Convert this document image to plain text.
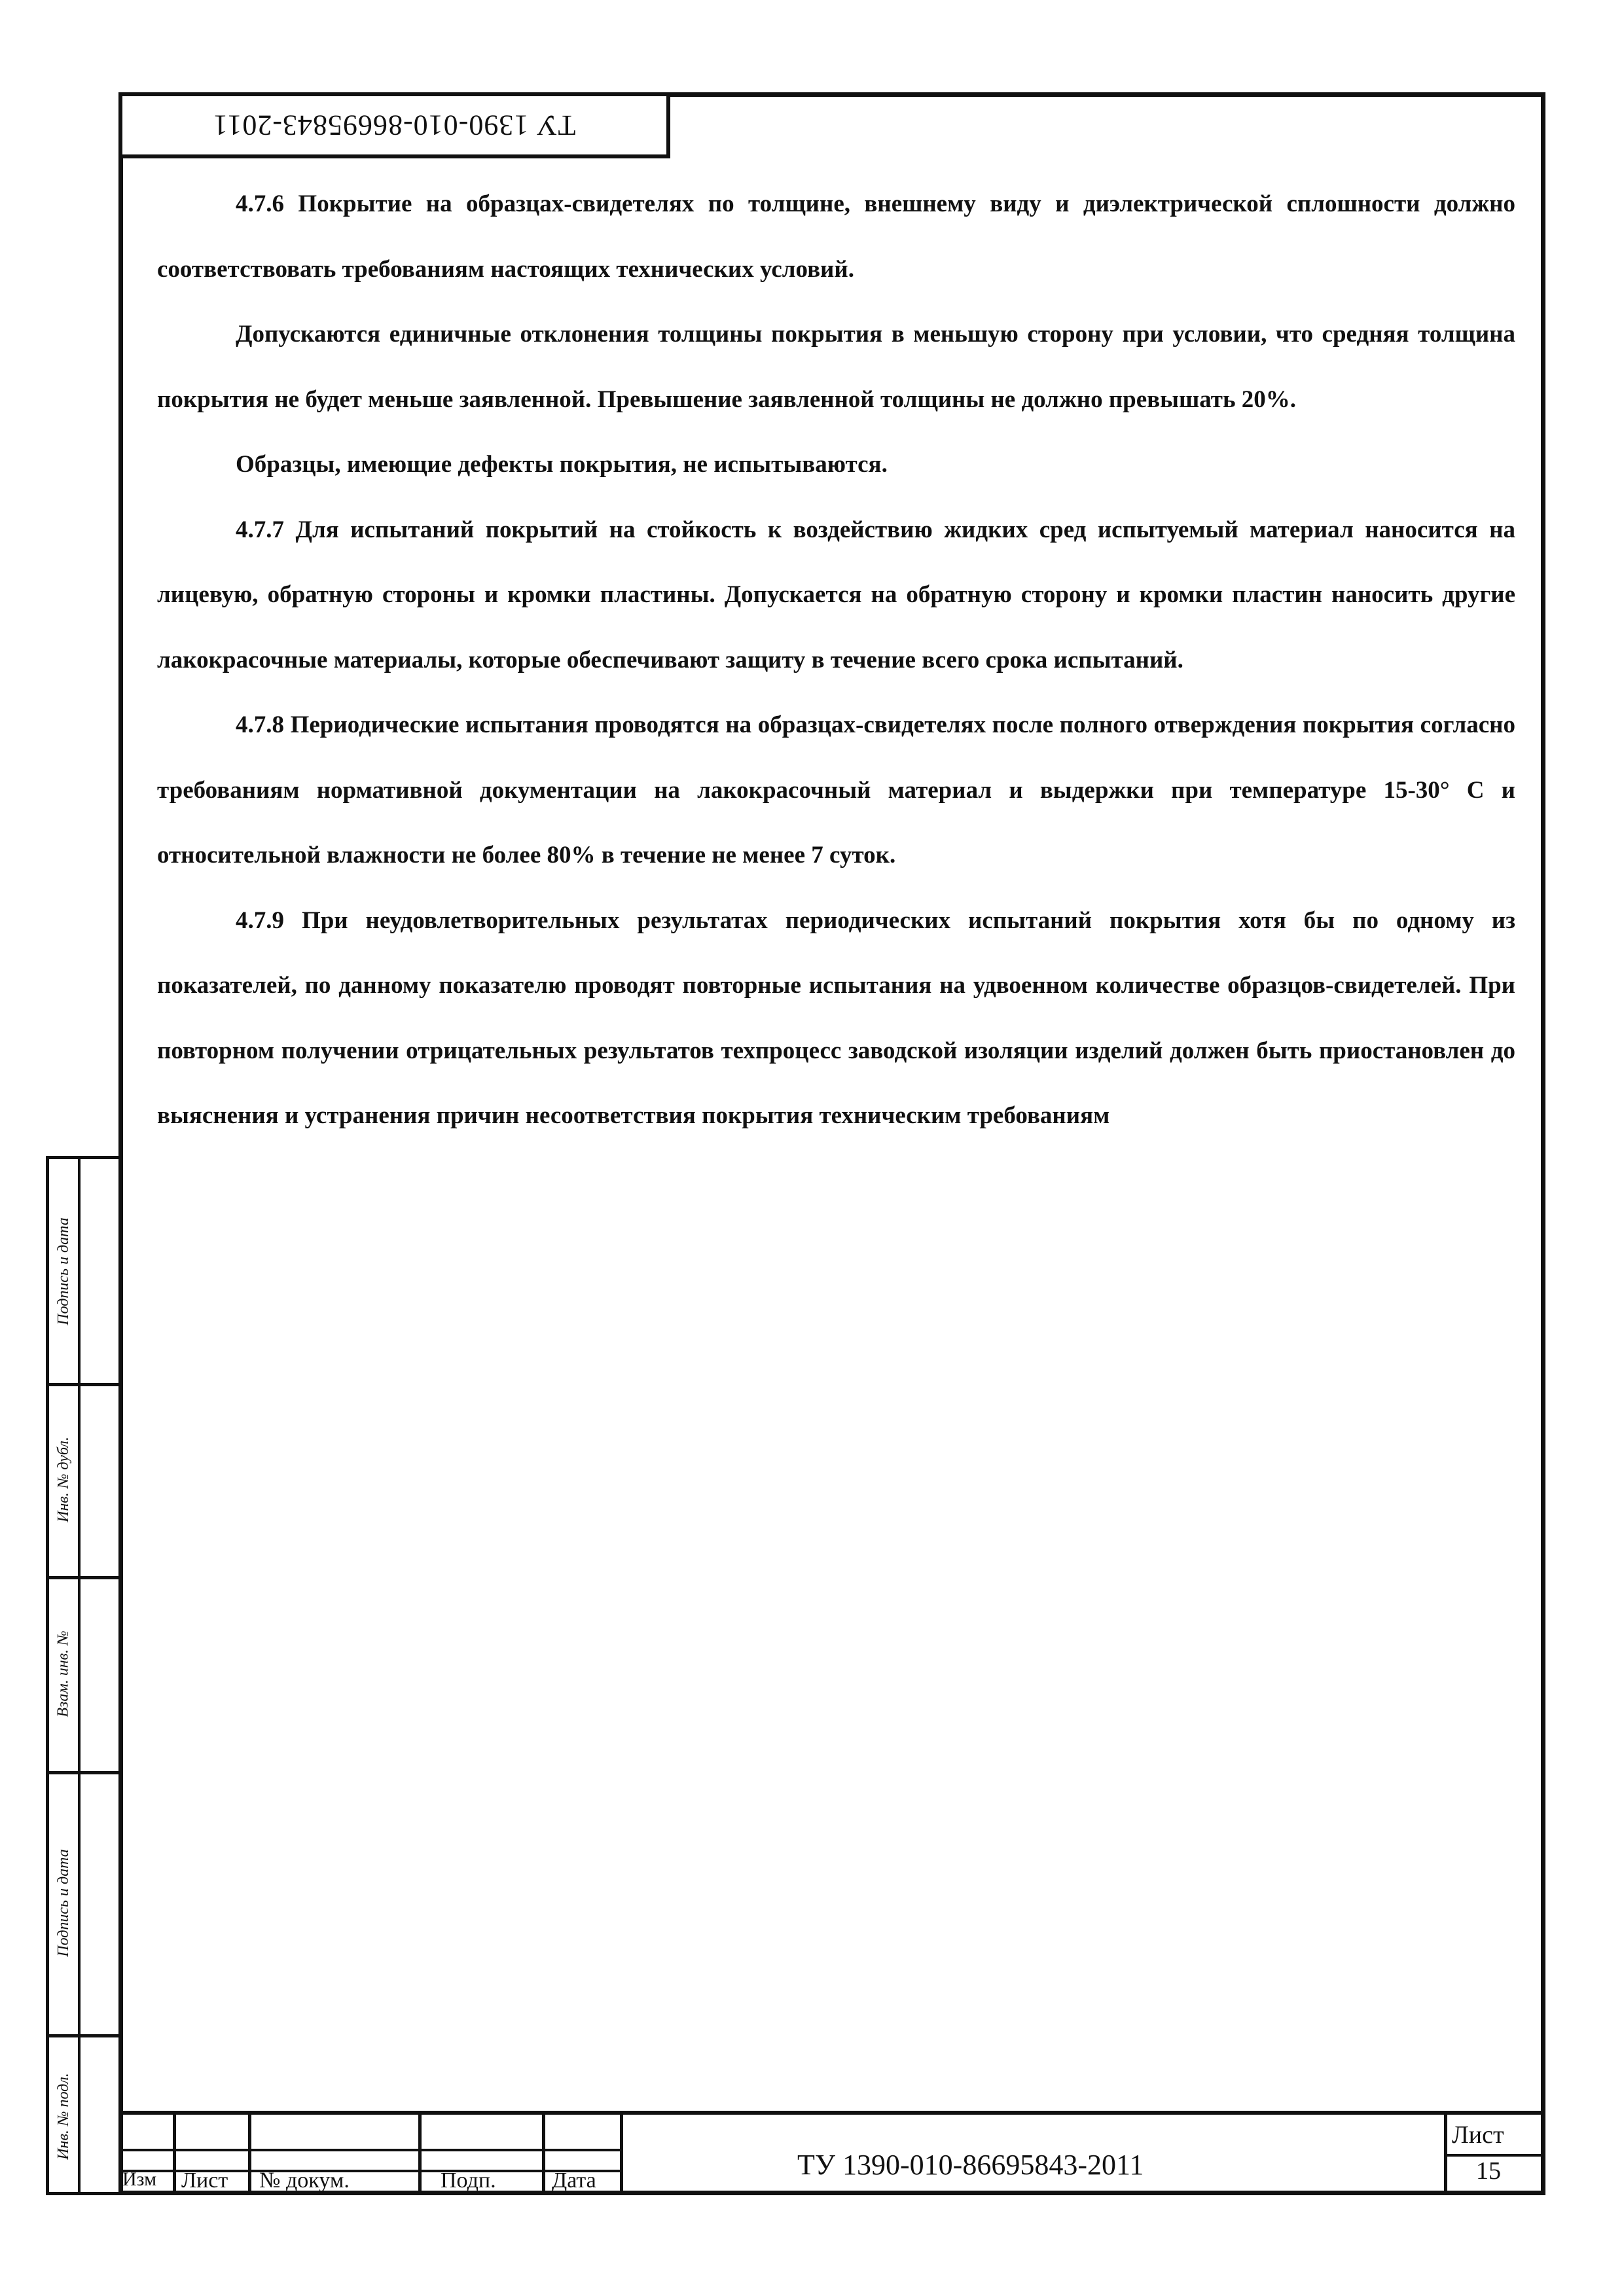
ТУ 1390-010-86695843-2011

4.7.6 Покрытие на образцах-свидетелях по толщине, внешнему виду и диэлектрической сплошности должно соответствовать требованиям настоящих технических условий.

Допускаются единичные отклонения толщины покрытия в меньшую сторону при условии, что средняя толщина покрытия не будет меньше заявленной. Превышение заявленной толщины не должно превышать 20%.

Образцы, имеющие дефекты покрытия, не испытываются.

4.7.7 Для испытаний покрытий на стойкость к воздействию жидких сред испытуемый материал наносится на лицевую, обратную стороны и кромки пластины. Допускается на обратную сторону и кромки пластин наносить другие лакокрасочные материалы, которые обеспечивают защиту в течение всего срока испытаний.

4.7.8 Периодические испытания проводятся на образцах-свидетелях после полного отверждения покрытия согласно требованиям нормативной документации на лакокрасочный материал и выдержки при температуре 15-30° С и относительной влажности не более 80% в течение не менее 7 суток.

4.7.9 При неудовлетворительных результатах периодических испытаний покрытия хотя бы по одному из показателей, по данному показателю проводят повторные испытания на удвоенном количестве образцов-свидетелей. При повторном получении отрицательных результатов техпроцесс заводской изоляции изделий должен быть приостановлен до выяснения и устранения причин несоответствия покрытия техническим требованиям

Подпись и дата
Инв. № дубл.
Взам. инв. №
Подпись и дата
Инв. № подл.
Изм Лист № докум.	Подп.	Дата	ТУ 1390-010-86695843-2011
Лист
15
